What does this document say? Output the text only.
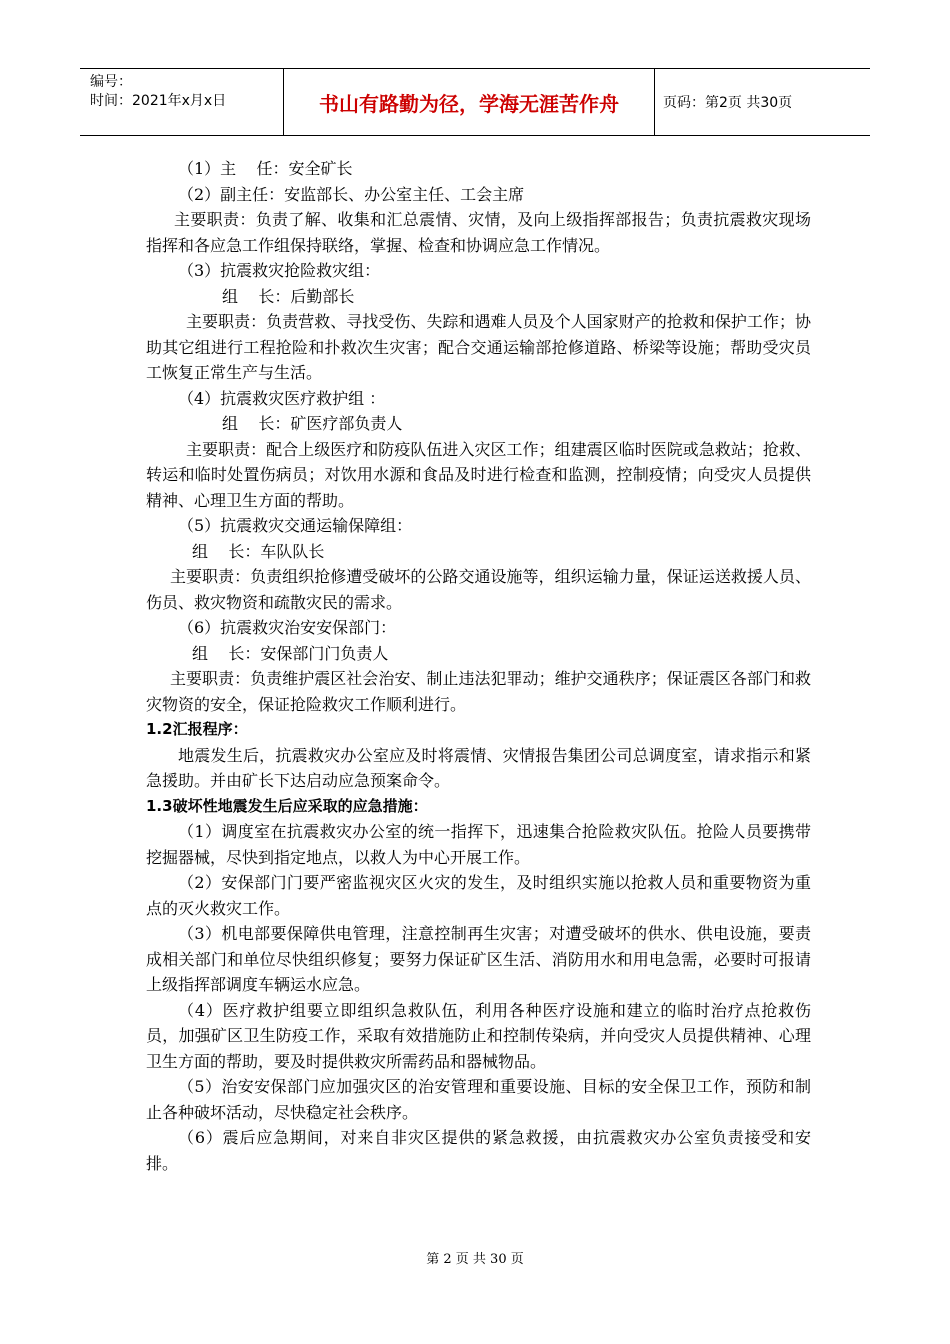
编号：
时间：2021年x月x日	书山有路勤为径，学海无涯苦作舟	页码：第2页 共30页
（1）主    任：安全矿长
（2）副主任：安监部长、办公室主任、工会主席
主要职责：负责了解、收集和汇总震情、灾情，及向上级指挥部报告；负责抗震救灾现场指挥和各应急工作组保持联络，掌握、检查和协调应急工作情况。
（3）抗震救灾抢险救灾组：
组    长：后勤部长
主要职责：负责营救、寻找受伤、失踪和遇难人员及个人国家财产的抢救和保护工作；协助其它组进行工程抢险和扑救次生灾害；配合交通运输部抢修道路、桥梁等设施；帮助受灾员工恢复正常生产与生活。
（4）抗震救灾医疗救护组 ：
组    长：矿医疗部负责人
主要职责：配合上级医疗和防疫队伍进入灾区工作；组建震区临时医院或急救站；抢救、转运和临时处置伤病员；对饮用水源和食品及时进行检查和监测，控制疫情；向受灾人员提供精神、心理卫生方面的帮助。
（5）抗震救灾交通运输保障组：
组    长：车队队长
主要职责：负责组织抢修遭受破坏的公路交通设施等，组织运输力量，保证运送救援人员、伤员、救灾物资和疏散灾民的需求。
（6）抗震救灾治安安保部门：
组    长：安保部门门负责人
主要职责：负责维护震区社会治安、制止违法犯罪动；维护交通秩序；保证震区各部门和救灾物资的安全，保证抢险救灾工作顺利进行。
1.2汇报程序：
地震发生后，抗震救灾办公室应及时将震情、灾情报告集团公司总调度室，请求指示和紧急援助。并由矿长下达启动应急预案命令。
1.3破坏性地震发生后应采取的应急措施：
（1）调度室在抗震救灾办公室的统一指挥下，迅速集合抢险救灾队伍。抢险人员要携带挖掘器械，尽快到指定地点，以救人为中心开展工作。
（2）安保部门门要严密监视灾区火灾的发生，及时组织实施以抢救人员和重要物资为重点的灭火救灾工作。
（3）机电部要保障供电管理，注意控制再生灾害；对遭受破坏的供水、供电设施，要责成相关部门和单位尽快组织修复；要努力保证矿区生活、消防用水和用电急需，必要时可报请上级指挥部调度车辆运水应急。
（4）医疗救护组要立即组织急救队伍，利用各种医疗设施和建立的临时治疗点抢救伤员，加强矿区卫生防疫工作，采取有效措施防止和控制传染病，并向受灾人员提供精神、心理卫生方面的帮助，要及时提供救灾所需药品和器械物品。
（5）治安安保部门应加强灾区的治安管理和重要设施、目标的安全保卫工作，预防和制止各种破坏活动，尽快稳定社会秩序。
（6）震后应急期间，对来自非灾区提供的紧急救援，由抗震救灾办公室负责接受和安排。
第 2 页 共 30 页
